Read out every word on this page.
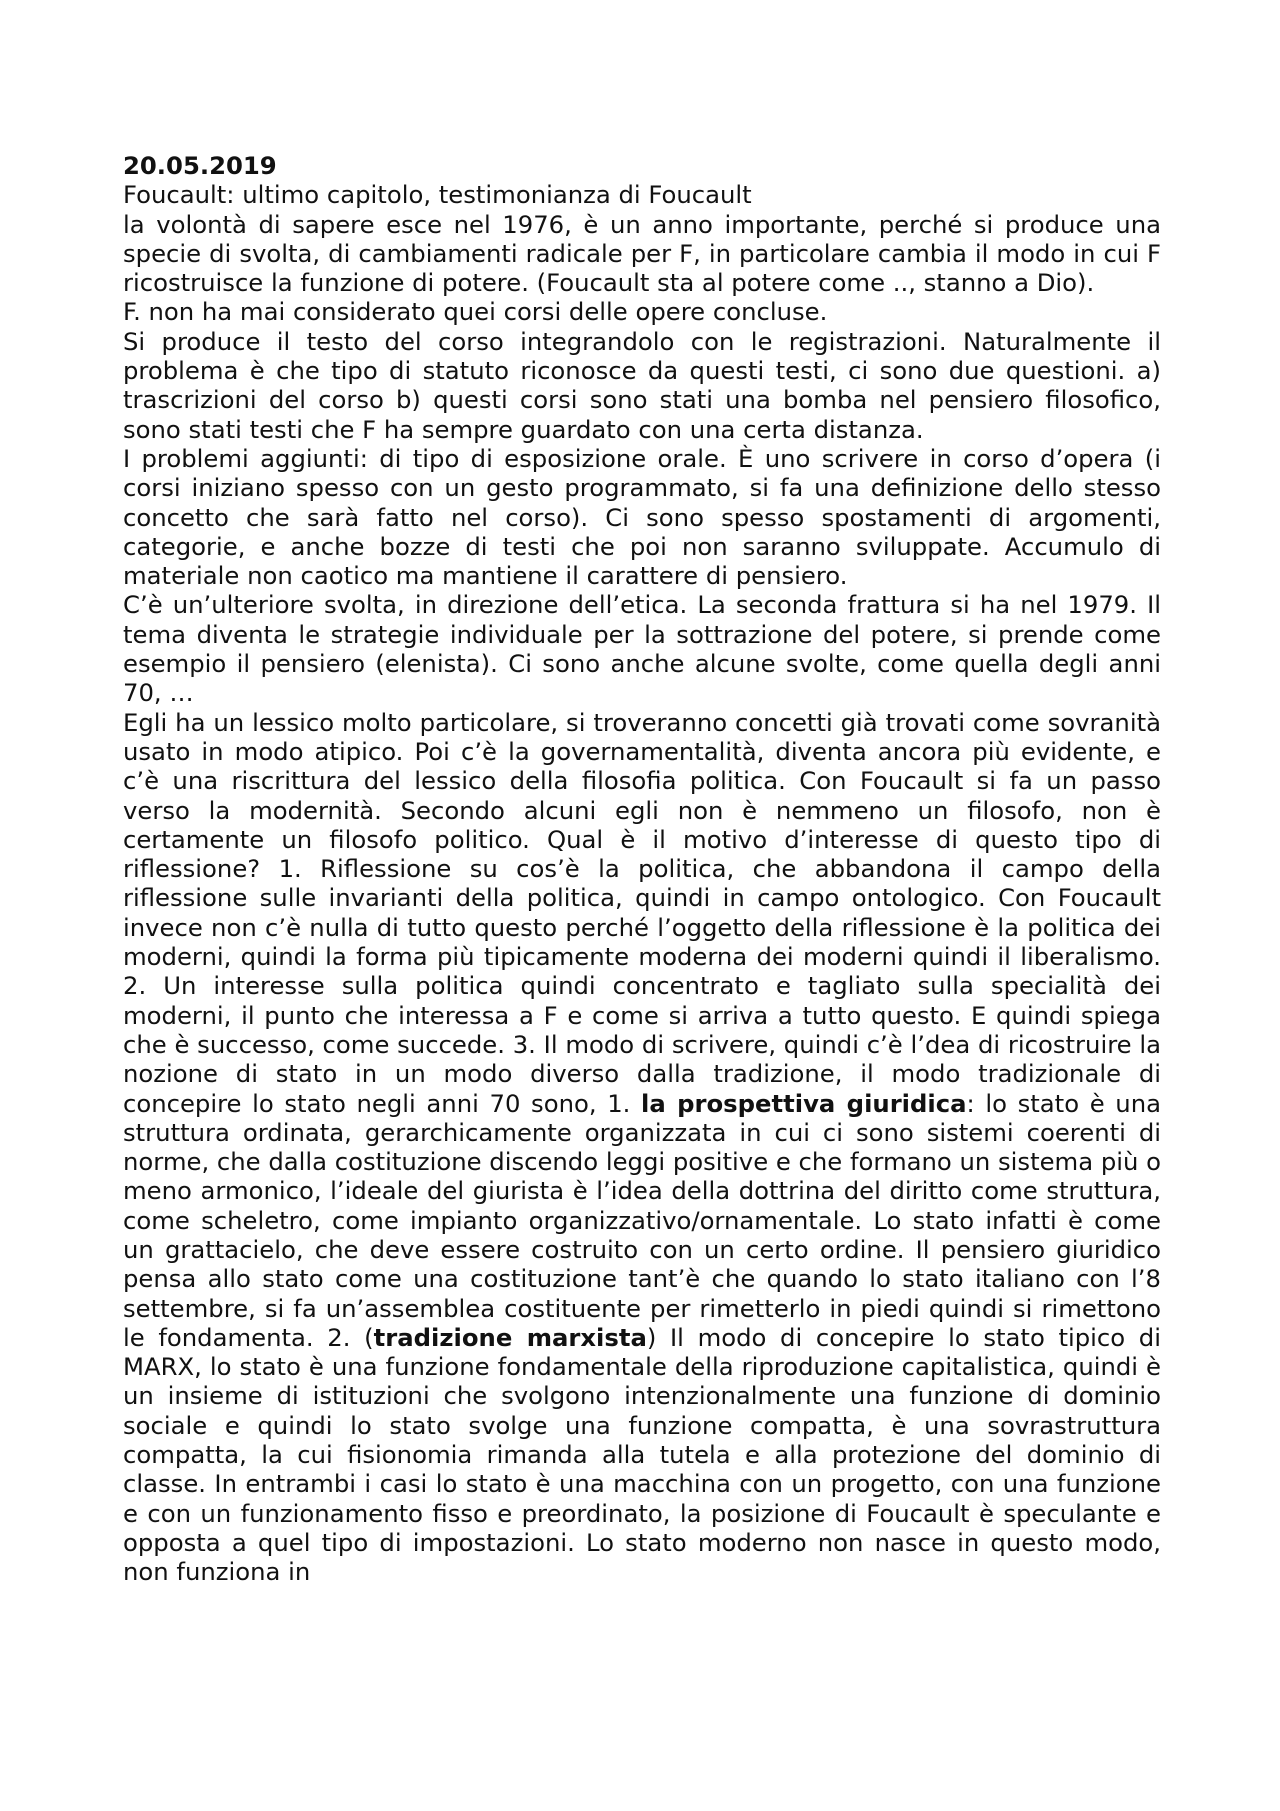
20.05.2019

Foucault: ultimo capitolo, testimonianza di Foucault

la volontà di sapere esce nel 1976, è un anno importante, perché si produce una specie di svolta, di cambiamenti radicale per F, in particolare cambia il modo in cui F ricostruisce la funzione di potere. (Foucault sta al potere come .., stanno a Dio).

F. non ha mai considerato quei corsi delle opere concluse.

Si produce il testo del corso integrandolo con le registrazioni. Naturalmente il problema è che tipo di statuto riconosce da questi testi, ci sono due questioni. a) trascrizioni del corso b) questi corsi sono stati una bomba nel pensiero filosofico, sono stati testi che F ha sempre guardato con una certa distanza.

I problemi aggiunti: di tipo di esposizione orale. È uno scrivere in corso d’opera (i corsi iniziano spesso con un gesto programmato, si fa una definizione dello stesso concetto che sarà fatto nel corso). Ci sono spesso spostamenti di argomenti, categorie, e anche bozze di testi che poi non saranno sviluppate. Accumulo di materiale non caotico ma mantiene il carattere di pensiero.

C’è un’ulteriore svolta, in direzione dell’etica. La seconda frattura si ha nel 1979. Il tema diventa le strategie individuale per la sottrazione del potere, si prende come esempio il pensiero (elenista). Ci sono anche alcune svolte, come quella degli anni 70, …

Egli ha un lessico molto particolare, si troveranno concetti già trovati come sovranità usato in modo atipico. Poi c’è la governamentalità, diventa ancora più evidente, e c’è una riscrittura del lessico della filosofia politica. Con Foucault si fa un passo verso la modernità. Secondo alcuni egli non è nemmeno un filosofo, non è certamente un filosofo politico. Qual è il motivo d’interesse di questo tipo di riflessione? 1. Riflessione su cos’è la politica, che abbandona il campo della riflessione sulle invarianti della politica, quindi in campo ontologico. Con Foucault invece non c’è nulla di tutto questo perché l’oggetto della riflessione è la politica dei moderni, quindi la forma più tipicamente moderna dei moderni quindi il liberalismo. 2. Un interesse sulla politica quindi concentrato e tagliato sulla specialità dei moderni, il punto che interessa a F e come si arriva a tutto questo. E quindi spiega che è successo, come succede. 3. Il modo di scrivere, quindi c’è l’dea di ricostruire la nozione di stato in un modo diverso dalla tradizione, il modo tradizionale di concepire lo stato negli anni 70 sono, 1. la prospettiva giuridica: lo stato è una struttura ordinata, gerarchicamente organizzata in cui ci sono sistemi coerenti di norme, che dalla costituzione discendo leggi positive e che formano un sistema più o meno armonico, l’ideale del giurista è l’idea della dottrina del diritto come struttura, come scheletro, come impianto organizzativo/ornamentale. Lo stato infatti è come un grattacielo, che deve essere costruito con un certo ordine. Il pensiero giuridico pensa allo stato come una costituzione tant’è che quando lo stato italiano con l’8 settembre, si fa un’assemblea costituente per rimetterlo in piedi quindi si rimettono le fondamenta. 2. (tradizione marxista) Il modo di concepire lo stato tipico di MARX, lo stato è una funzione fondamentale della riproduzione capitalistica, quindi è un insieme di istituzioni che svolgono intenzionalmente una funzione di dominio sociale e quindi lo stato svolge una funzione compatta, è una sovrastruttura compatta, la cui fisionomia rimanda alla tutela e alla protezione del dominio di classe. In entrambi i casi lo stato è una macchina con un progetto, con una funzione e con un funzionamento fisso e preordinato, la posizione di Foucault è speculante e opposta a quel tipo di impostazioni. Lo stato moderno non nasce in questo modo, non funziona in
